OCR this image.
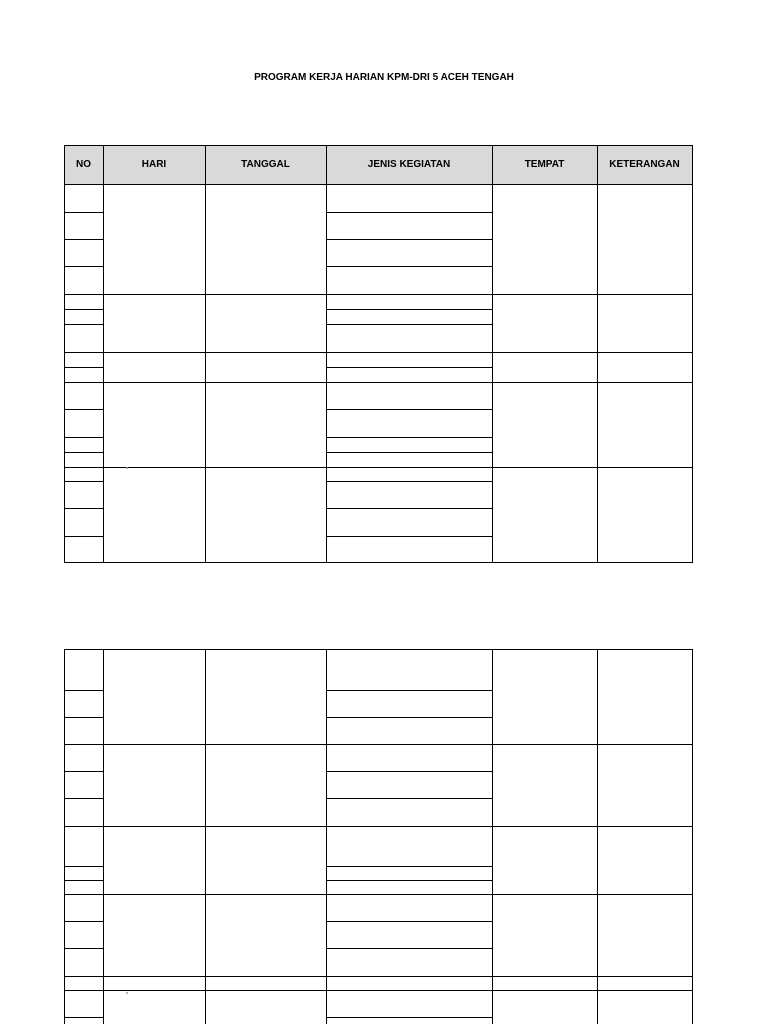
PROGRAM KERJA HARIAN KPM-DRI 5 ACEH TENGAH
NO	HARI	TANGGAL	JENIS KEGIATAN	TEMPAT	KETERANGAN
